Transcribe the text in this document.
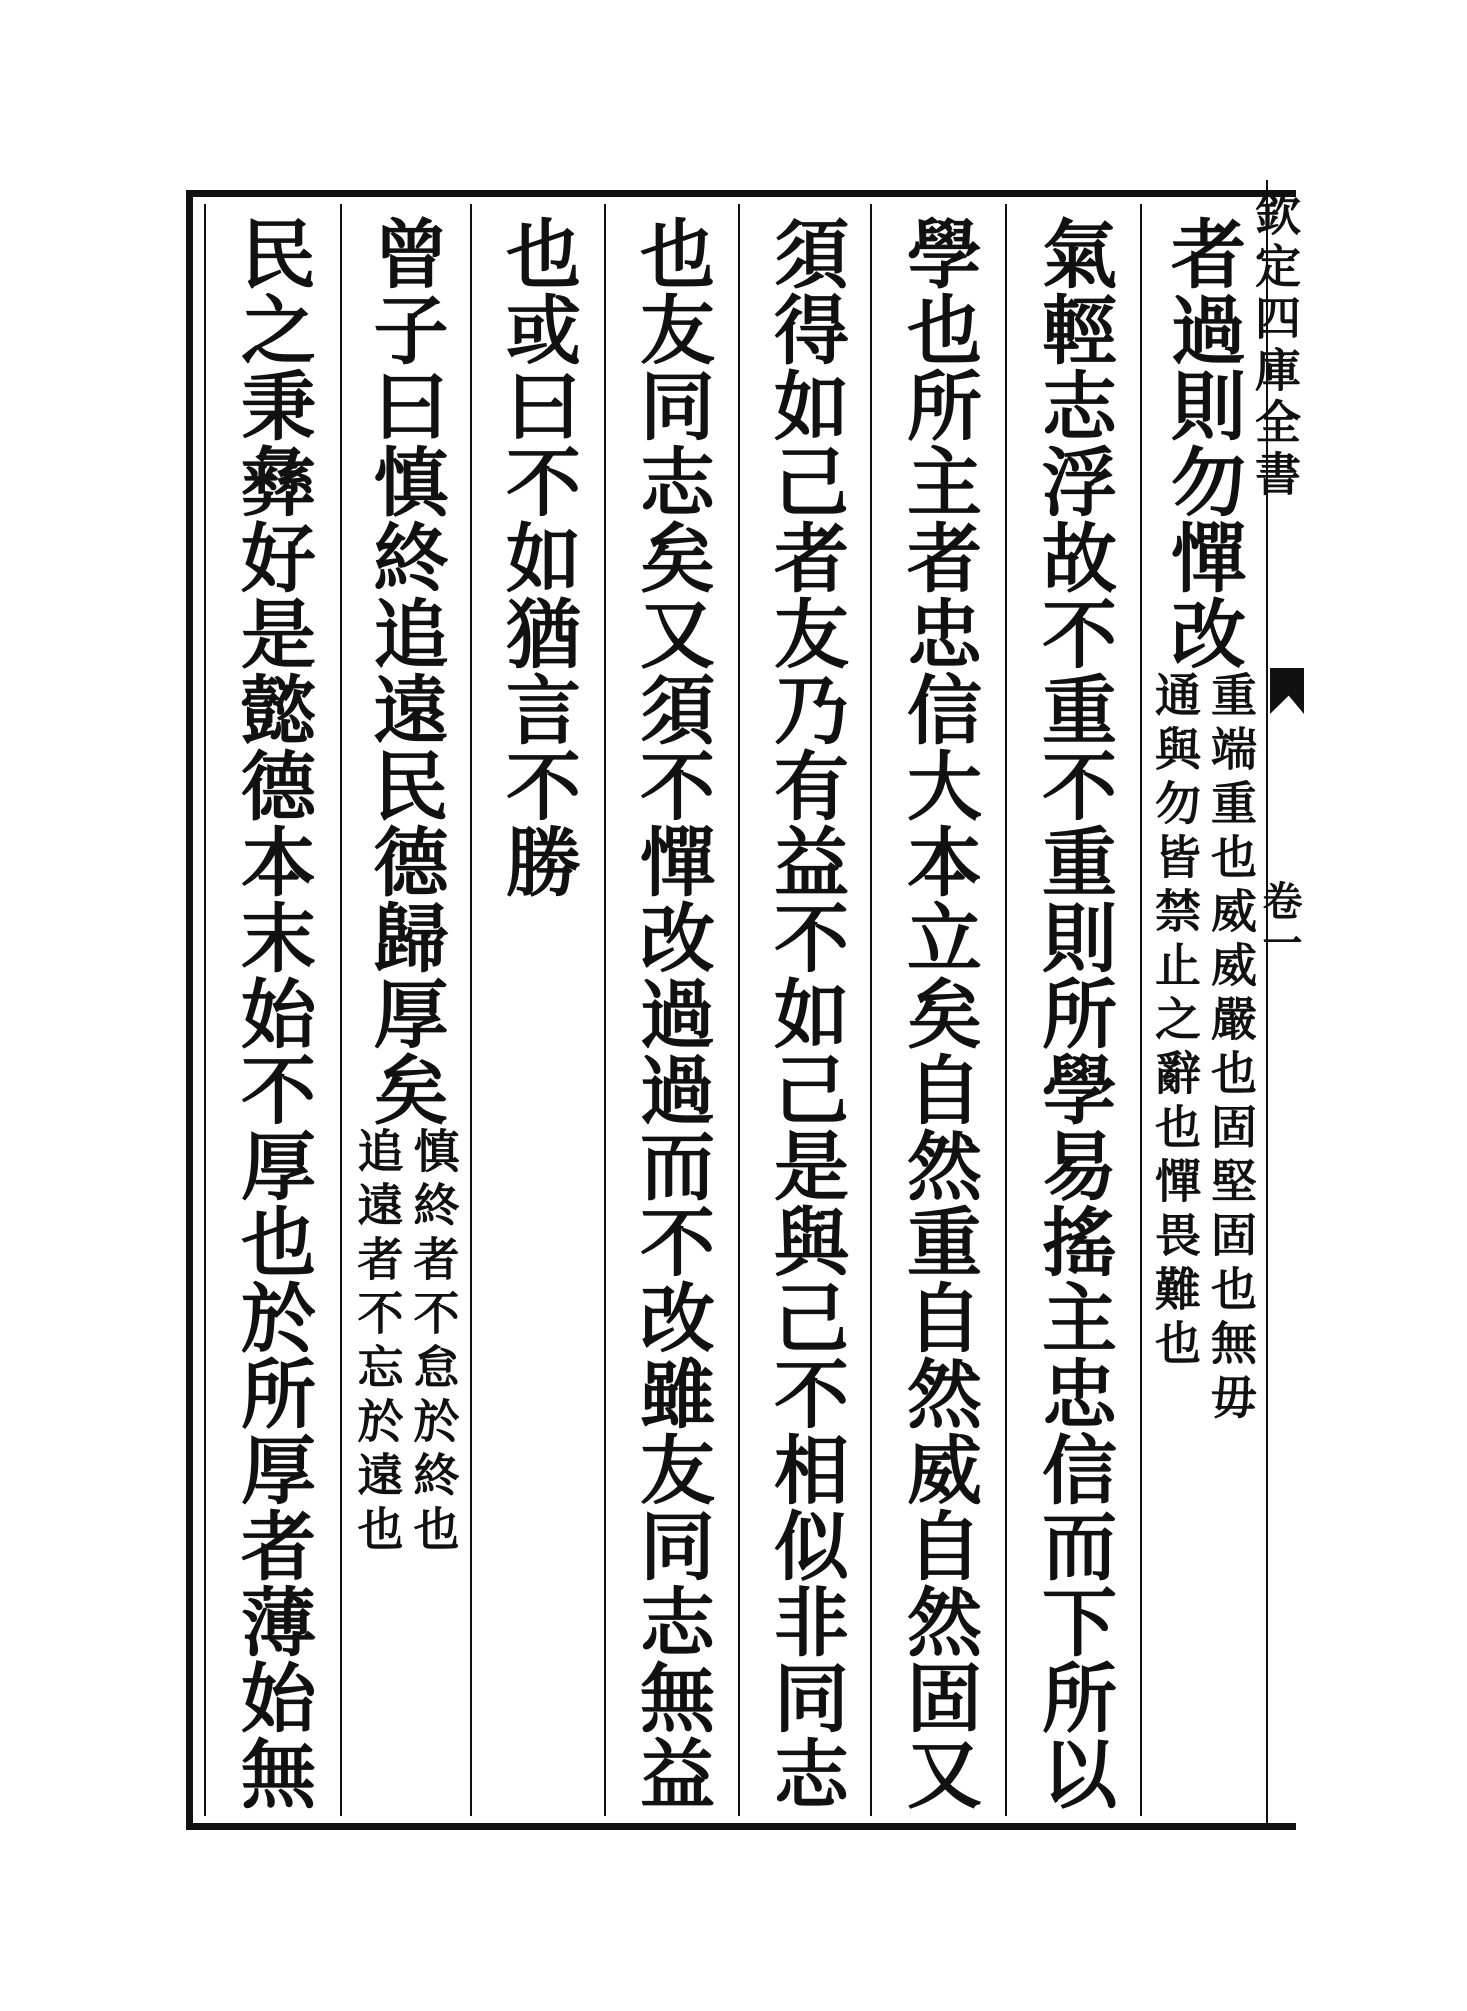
欽定四庫全書
卷一
者過則勿憚改
重端重也威威嚴也固堅固也無毋
通與勿皆禁止之辭也憚畏難也
氣輕志浮故不重不重則所學易搖主忠信而下所以
學也所主者忠信大本立矣自然重自然威自然固又
須得如己者友乃有益不如己是與己不相似非同志
也友同志矣又須不憚改過過而不改雖友同志無益
也或曰不如猶言不勝
曾子曰慎終追遠民德歸厚矣
慎終者不怠於終也
追遠者不忘於遠也
民之秉彝好是懿德本末始不厚也於所厚者薄始無
